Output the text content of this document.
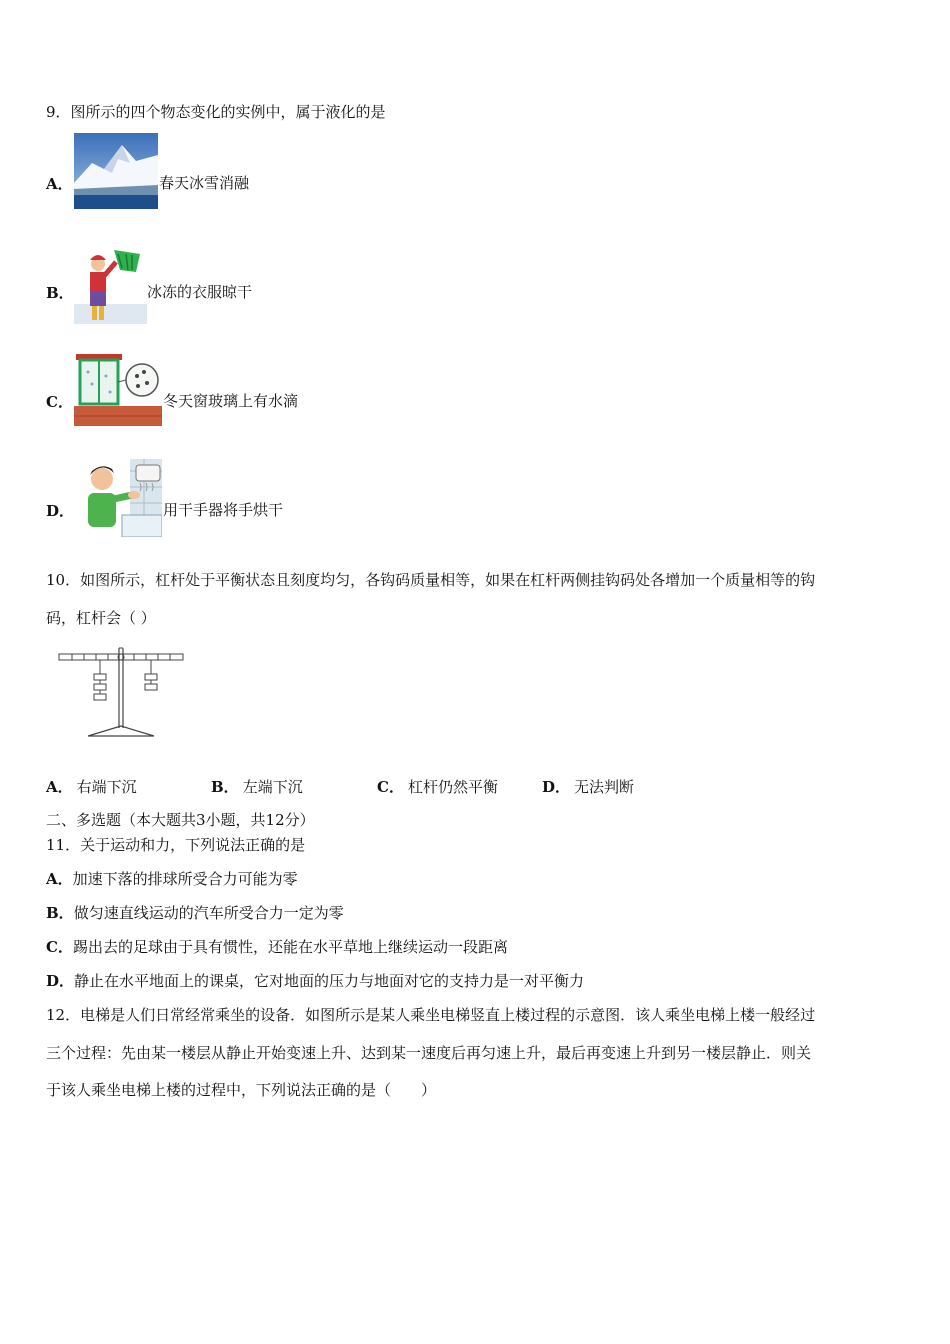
9．图所示的四个物态变化的实例中，属于液化的是
A．	春天冰雪消融
B．	冰冻的衣服晾干
C．	冬天窗玻璃上有水滴
D．	用干手器将手烘干
10．如图所示，杠杆处于平衡状态且刻度均匀，各钩码质量相等，如果在杠杆两侧挂钩码处各增加一个质量相等的钩
码，杠杆会（ ）
A． 右端下沉	B． 左端下沉	C． 杠杆仍然平衡	D． 无法判断
二、多选题（本大题共3小题，共12分）
11．关于运动和力，下列说法正确的是
A．加速下落的排球所受合力可能为零
B．做匀速直线运动的汽车所受合力一定为零
C．踢出去的足球由于具有惯性，还能在水平草地上继续运动一段距离
D．静止在水平地面上的课桌，它对地面的压力与地面对它的支持力是一对平衡力
12．电梯是人们日常经常乘坐的设备．如图所示是某人乘坐电梯竖直上楼过程的示意图．该人乘坐电梯上楼一般经过
三个过程：先由某一楼层从静止开始变速上升、达到某一速度后再匀速上升，最后再变速上升到另一楼层静止．则关
于该人乘坐电梯上楼的过程中，下列说法正确的是（　　）
